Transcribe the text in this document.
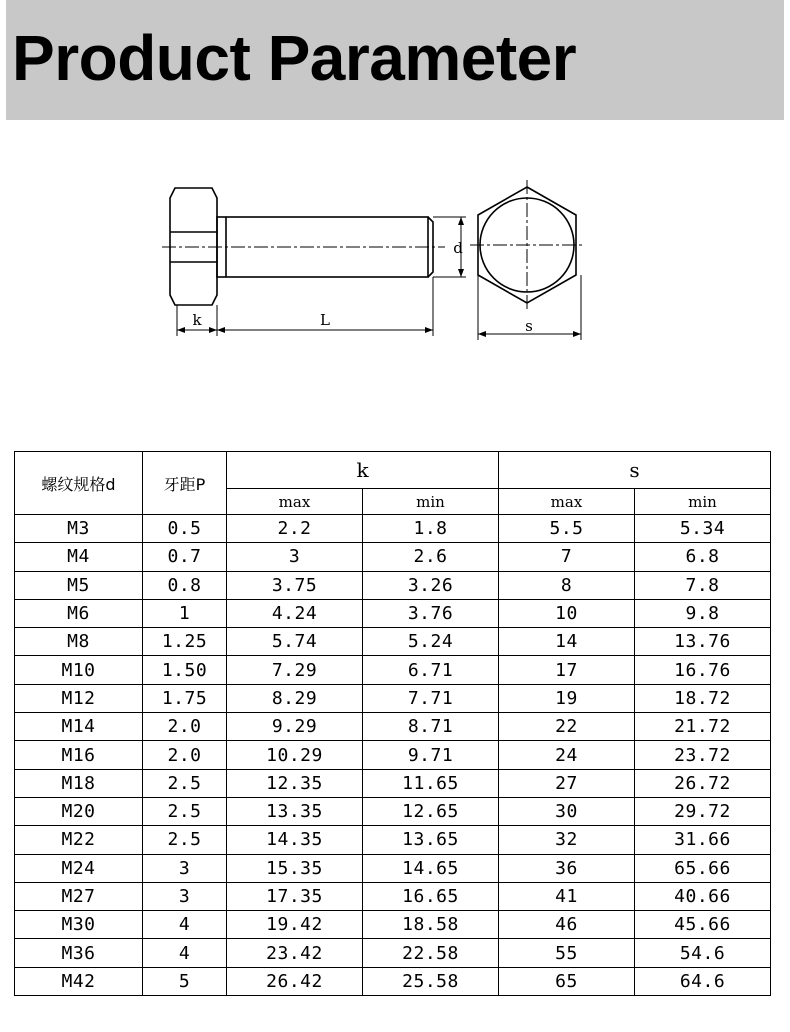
Product Parameter
k	L
d
s
螺纹规格d	牙距P	k		s	
		max	min	max	min
M3	0.5	2.2	1.8	5.5	5.34
M4	0.7	3	2.6	7	6.8
M5	0.8	3.75	3.26	8	7.8
M6	1	4.24	3.76	10	9.8
M8	1.25	5.74	5.24	14	13.76
M10	1.50	7.29	6.71	17	16.76
M12	1.75	8.29	7.71	19	18.72
M14	2.0	9.29	8.71	22	21.72
M16	2.0	10.29	9.71	24	23.72
M18	2.5	12.35	11.65	27	26.72
M20	2.5	13.35	12.65	30	29.72
M22	2.5	14.35	13.65	32	31.66
M24	3	15.35	14.65	36	65.66
M27	3	17.35	16.65	41	40.66
M30	4	19.42	18.58	46	45.66
M36	4	23.42	22.58	55	54.6
M42	5	26.42	25.58	65	64.6
